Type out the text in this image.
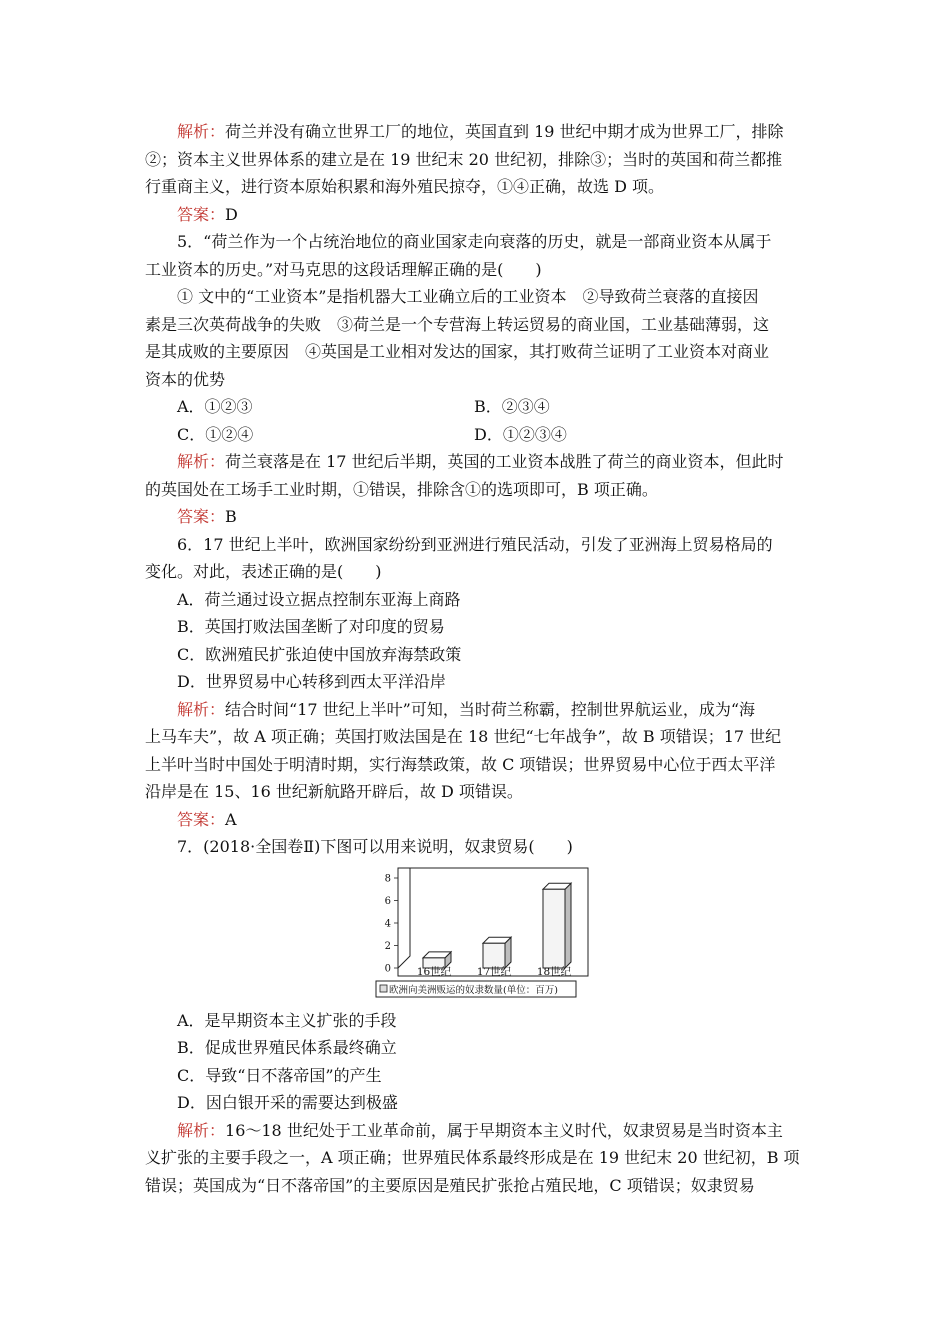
解析：荷兰并没有确立世界工厂的地位，英国直到 19 世纪中期才成为世界工厂，排除
②；资本主义世界体系的建立是在 19 世纪末 20 世纪初，排除③；当时的英国和荷兰都推
行重商主义，进行资本原始积累和海外殖民掠夺，①④正确，故选 D 项。
答案：D
5．“荷兰作为一个占统治地位的商业国家走向衰落的历史，就是一部商业资本从属于
工业资本的历史。”对马克思的这段话理解正确的是(　　)
① 文中的“工业资本”是指机器大工业确立后的工业资本　②导致荷兰衰落的直接因
素是三次英荷战争的失败　③荷兰是一个专营海上转运贸易的商业国，工业基础薄弱，这
是其成败的主要原因　④英国是工业相对发达的国家，其打败荷兰证明了工业资本对商业
资本的优势
A．①②③	B．②③④
C．①②④	D．①②③④
解析：荷兰衰落是在 17 世纪后半期，英国的工业资本战胜了荷兰的商业资本，但此时
的英国处在工场手工业时期，①错误，排除含①的选项即可，B 项正确。
答案：B
6．17 世纪上半叶，欧洲国家纷纷到亚洲进行殖民活动，引发了亚洲海上贸易格局的
变化。对此，表述正确的是(　　)
A．荷兰通过设立据点控制东亚海上商路
B．英国打败法国垄断了对印度的贸易
C．欧洲殖民扩张迫使中国放弃海禁政策
D．世界贸易中心转移到西太平洋沿岸
解析：结合时间“17 世纪上半叶”可知，当时荷兰称霸，控制世界航运业，成为“海
上马车夫”，故 A 项正确；英国打败法国是在 18 世纪“七年战争”，故 B 项错误；17 世纪
上半叶当时中国处于明清时期，实行海禁政策，故 C 项错误；世界贸易中心位于西太平洋
沿岸是在 15、16 世纪新航路开辟后，故 D 项错误。
答案：A
7．(2018·全国卷Ⅱ)下图可以用来说明，奴隶贸易(　　)
0
2
4
6
8
16世纪 17世纪 18世纪
欧洲向美洲贩运的奴隶数量(单位：百万)
A．是早期资本主义扩张的手段
B．促成世界殖民体系最终确立
C．导致“日不落帝国”的产生
D．因白银开采的需要达到极盛
解析：16～18 世纪处于工业革命前，属于早期资本主义时代，奴隶贸易是当时资本主
义扩张的主要手段之一，A 项正确；世界殖民体系最终形成是在 19 世纪末 20 世纪初，B 项
错误；英国成为“日不落帝国”的主要原因是殖民扩张抢占殖民地，C 项错误；奴隶贸易
